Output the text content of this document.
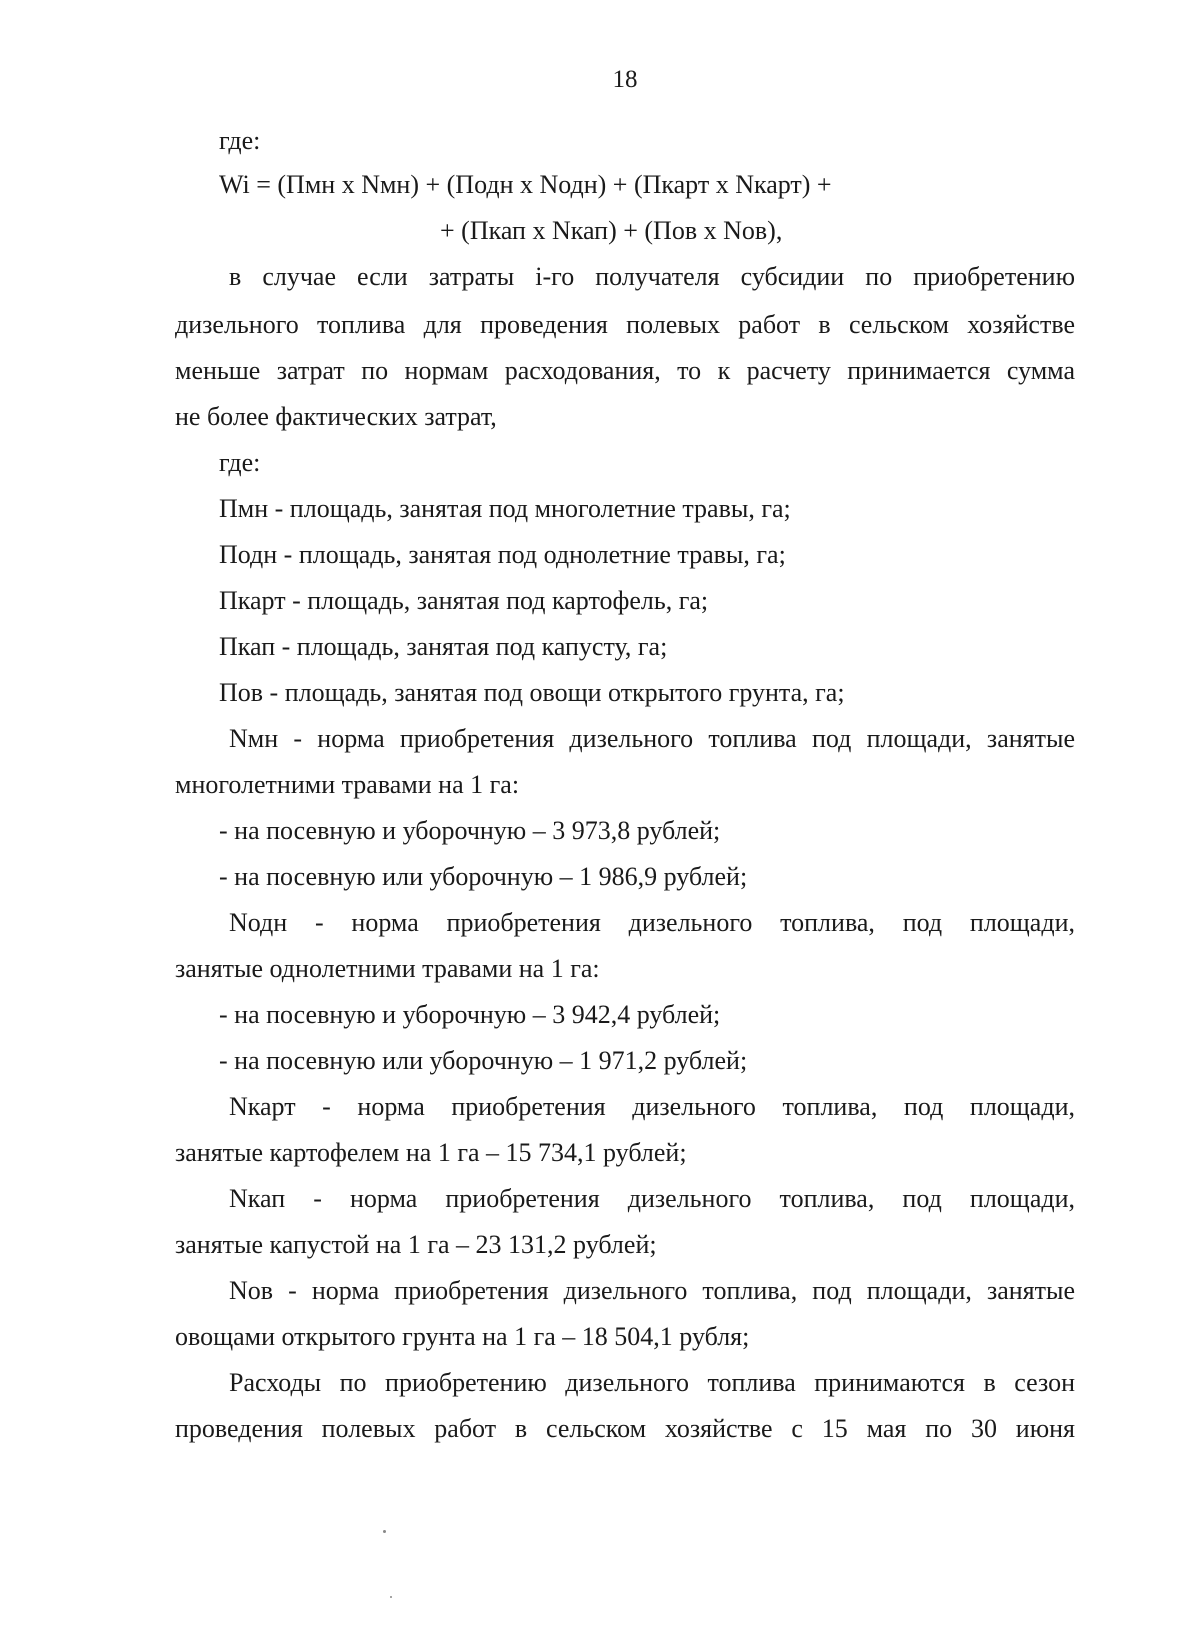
18
где:
Wi = (Пмн х Nмн) + (Подн х Nодн) + (Пкарт х Nкарт) +
+ (Пкап х Nкап) + (Пов х Nов),
в случае если затраты i-го получателя субсидии по приобретению
дизельного топлива для проведения полевых работ в сельском хозяйстве
меньше затрат по нормам расходования, то к расчету принимается сумма
не более фактических затрат,
где:
Пмн - площадь, занятая под многолетние травы, га;
Подн - площадь, занятая под однолетние травы, га;
Пкарт - площадь, занятая под картофель, га;
Пкап - площадь, занятая под капусту, га;
Пов - площадь, занятая под овощи открытого грунта, га;
Nмн - норма приобретения дизельного топлива под площади, занятые
многолетними травами на 1 га:
- на посевную и уборочную – 3 973,8 рублей;
- на посевную или уборочную – 1 986,9 рублей;
Nодн - норма приобретения дизельного топлива, под площади,
занятые однолетними травами на 1 га:
- на посевную и уборочную – 3 942,4 рублей;
- на посевную или уборочную – 1 971,2 рублей;
Nкарт - норма приобретения дизельного топлива, под площади,
занятые картофелем на 1 га – 15 734,1 рублей;
Nкап - норма приобретения дизельного топлива, под площади,
занятые капустой на 1 га – 23 131,2 рублей;
Nов - норма приобретения дизельного топлива, под площади, занятые
овощами открытого грунта на 1 га – 18 504,1 рубля;
Расходы по приобретению дизельного топлива принимаются в сезон
проведения полевых работ в сельском хозяйстве с 15 мая по 30 июня
